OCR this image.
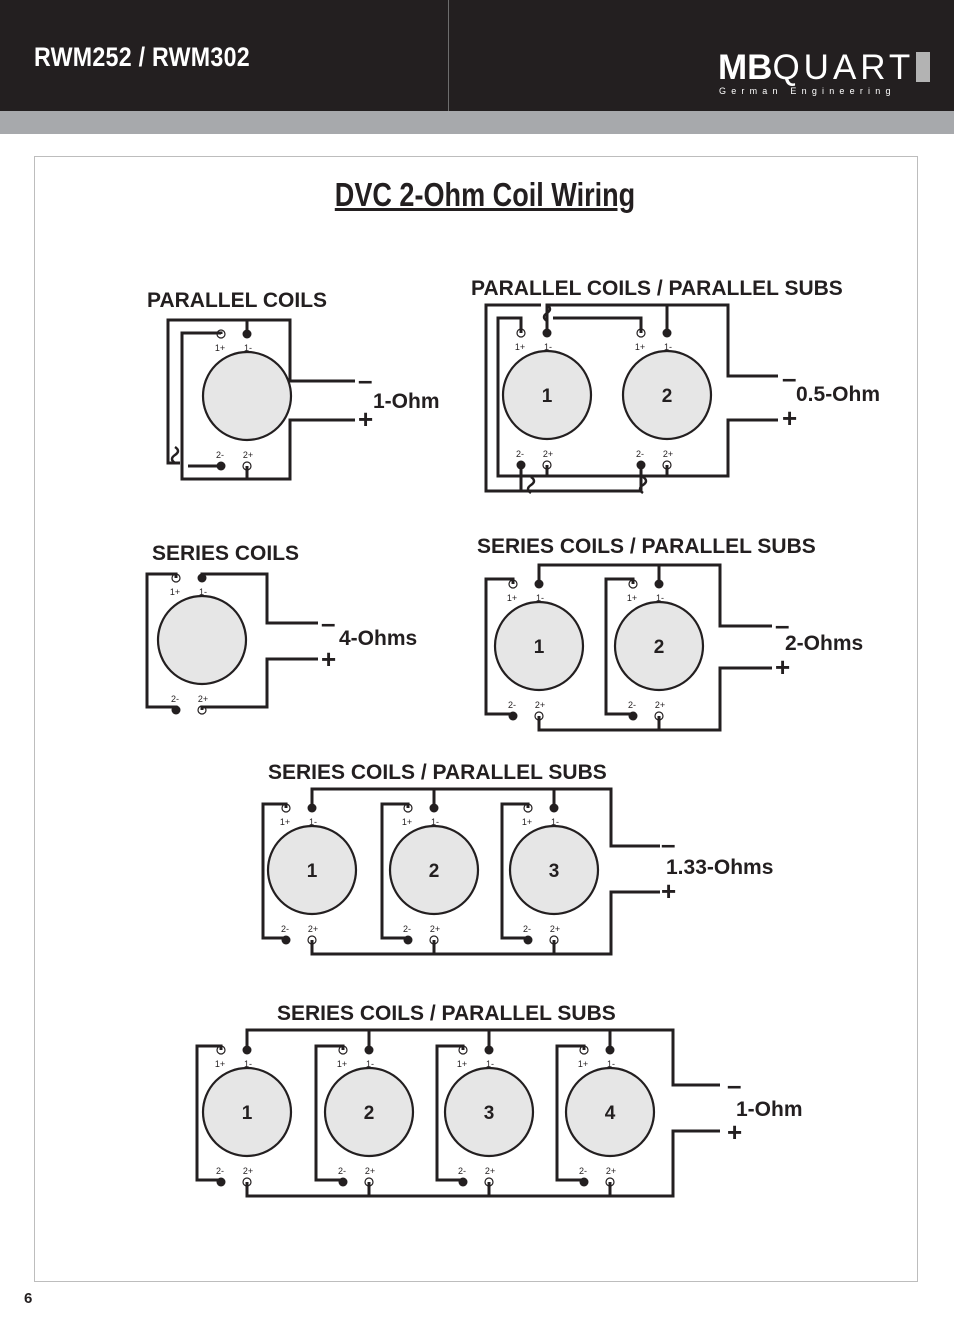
RWM252 / RWM302	MBQUART
German Engineering
DVC 2-Ohm Coil Wiring
PARALLEL COILS
1+ 1-
2- 2+
–
+
1-Ohm
PARALLEL COILS / PARALLEL SUBS
1
1+ 1-
2- 2+
2
1+ 1-
2- 2+
–
+
0.5-Ohm
SERIES COILS
1+ 1-
2- 2+
–
+
4-Ohms
SERIES COILS / PARALLEL SUBS
1
1+ 1-
2- 2+
2
1+ 1-
2- 2+
–
+
2-Ohms
SERIES COILS / PARALLEL SUBS
1
1+ 1-
2- 2+
2
1+ 1-
2- 2+
3
1+ 1-
2- 2+
–
+
1.33-Ohms
SERIES COILS / PARALLEL SUBS
1
1+ 1-
2- 2+
2
1+ 1-
2- 2+
3
1+ 1-
2- 2+
4
1+ 1-
2- 2+
–
+
1-Ohm
6
